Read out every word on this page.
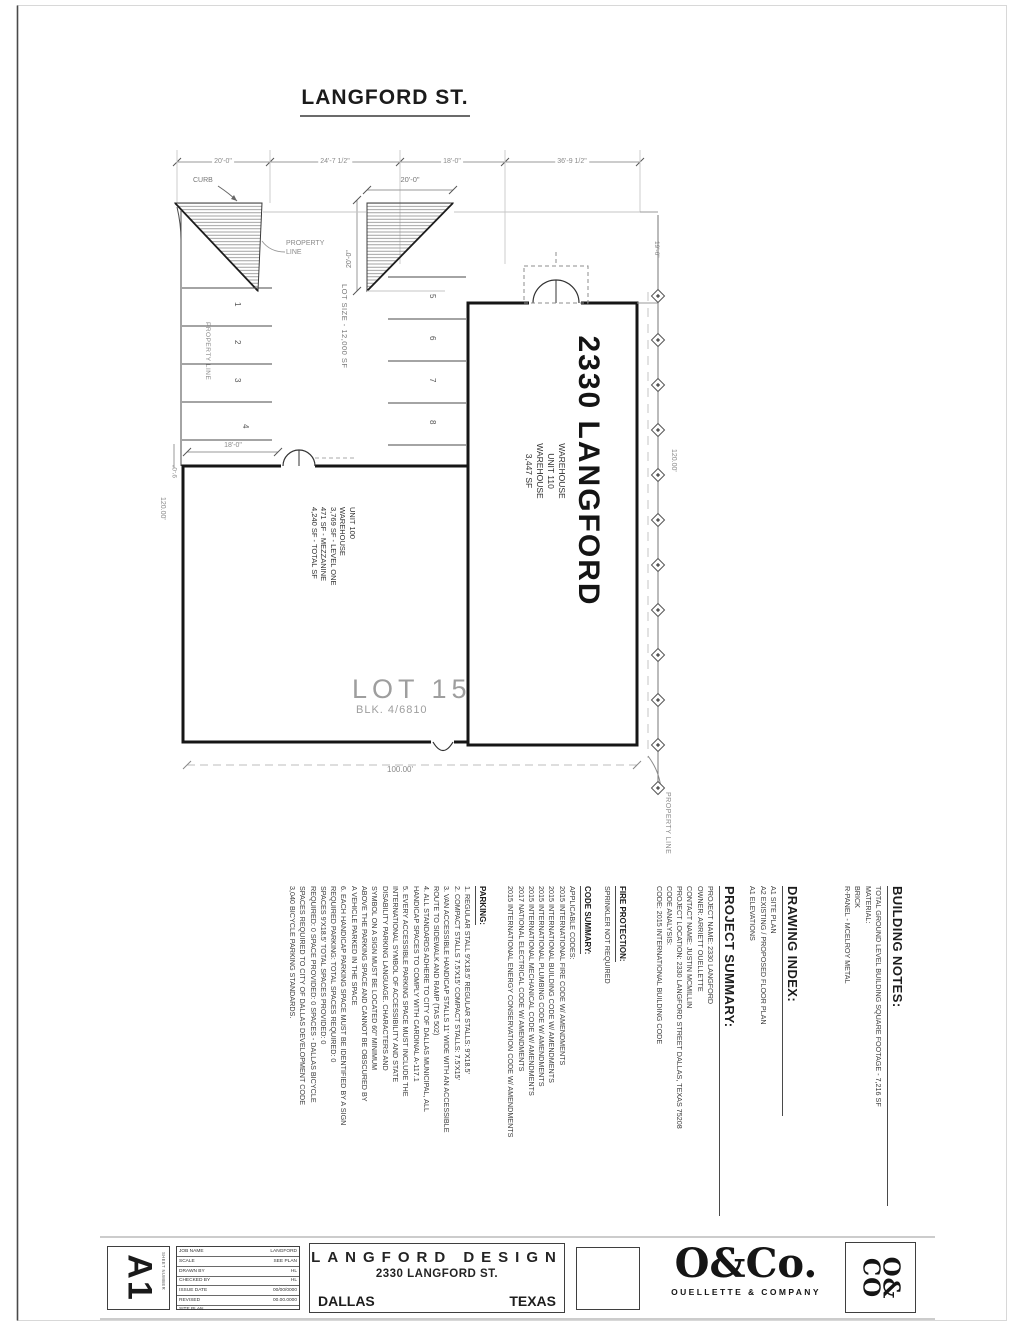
LANGFORD ST.
20'-0"	24'-7 1/2"	18'-0"	36'-9 1/2"
CURB
PROPERTY LINE
20'-0"
20'-0"
PROPERTY LINE	LOT SIZE - 12,000 SF
1
2
3
4
5
6
7
8
18'-0"
9'-0"
120.00'	2330 LANGFORD
WAREHOUSE
UNIT 110
WAREHOUSE
3,447 SF
UNIT 100
WAREHOUSE
3,769 SF - LEVEL ONE
471 SF - MEZZANINE
4,240 SF - TOTAL SF
LOT 15
BLK. 4/6810
100.00'
19'-6"
120.00'
PROPERTY LINE
BUILDING NOTES:
TOTAL GROUND LEVEL BUILDING SQUARE FOOTAGE - 7,216 SF
MATERIAL:
BRICK
R-PANEL - MCELROY METAL
DRAWING INDEX:
A1 SITE PLAN
A2 EXISTING / PROPOSED FLOOR PLAN
A1 ELEVATIONS
PROJECT SUMMARY:
PROJECT NAME: 2330 LANGFORD
OWNER: ARRIETT OUELLETTE
CONTACT NAME: JUSTIN MCMILLIN
PROJECT LOCATION: 2330 LANGFORD STREET DALLAS, TEXAS 75208
CODE ANALYSIS:
CODE: 2015 INTERNATIONAL BUILDING CODE
FIRE PROTECTION:
SPRINKLER NOT REQUIRED
CODE SUMMARY:
APPLICABLE CODES:
2015 INTERNATIONAL FIRE CODE W/ AMENDMENTS
2015 INTERNATIONAL BUILDING CODE W/ AMENDMENTS
2015 INTERNATIONAL PLUMBING CODE W/ AMENDMENTS
2015 INTERNATIONAL MECHANICAL CODE W/ AMENDMENTS
2017 NATIONAL ELECTRICAL CODE W/ AMENDMENTS
2015 INTERNATIONAL ENERGY CONSERVATION CODE W/ AMENDMENTS
PARKING:
1. REGULAR STALL 9'X18.5' REGULAR STALLS: 9'X18.5'
2. COMPACT STALLS 7.5'X15' COMPACT STALLS: 7.5'X15'
3. VAN ACCESSIBLE HANDICAP STALLS 11' WIDE WITH AN ACCESSIBLE
ROUTE TO SIDEWALK AND RAMP (TAS 502)
4. ALL STANDARDS ADHERE TO CITY OF DALLAS MUNICIPAL, ALL
HANDICAP SPACES TO COMPLY WITH CARDINAL A-117.1
5. EVERY ACCESSIBLE PARKING SPACE MUST INCLUDE THE
INTERNATIONAL SYMBOL OF ACCESSIBILITY AND STATE
DISABILITY PARKING LANGUAGE. CHARACTERS AND
SYMBOL ON A SIGN MUST BE LOCATED 60" MINIMUM
ABOVE THE PARKING SPACE AND CANNOT BE OBSCURED BY
A VEHICLE PARKED IN THE SPACE
6. EACH HANDICAP PARKING SPACE MUST BE IDENTIFIED BY A SIGN
REQUIRED PARKING: TOTAL SPACES REQUIRED: 0
SPACES 9'X18.5' TOTAL SPACES PROVIDED: 0
REQUIRED: 0 SPACE PROVIDED: 0 SPACES - DALLAS BICYCLE
SPACES REQUIRED TO CITY OF DALLAS DEVELOPMENT CODE
3,040 BICYCLE PARKING STANDARDS.
A1 SHEET NUMBER
JOB NAME	LANGFORD
SCALE	SEE PLAN
DRAWN BY	HL
CHECKED BY	HL
ISSUE DATE	00/00/0000
REVISED	00.00.0000
SITE PLAN
LANGFORD DESIGN
2330 LANGFORD ST.
DALLAS	TEXAS
O&Co.
OUELLETTE & COMPANY	O&
CO
